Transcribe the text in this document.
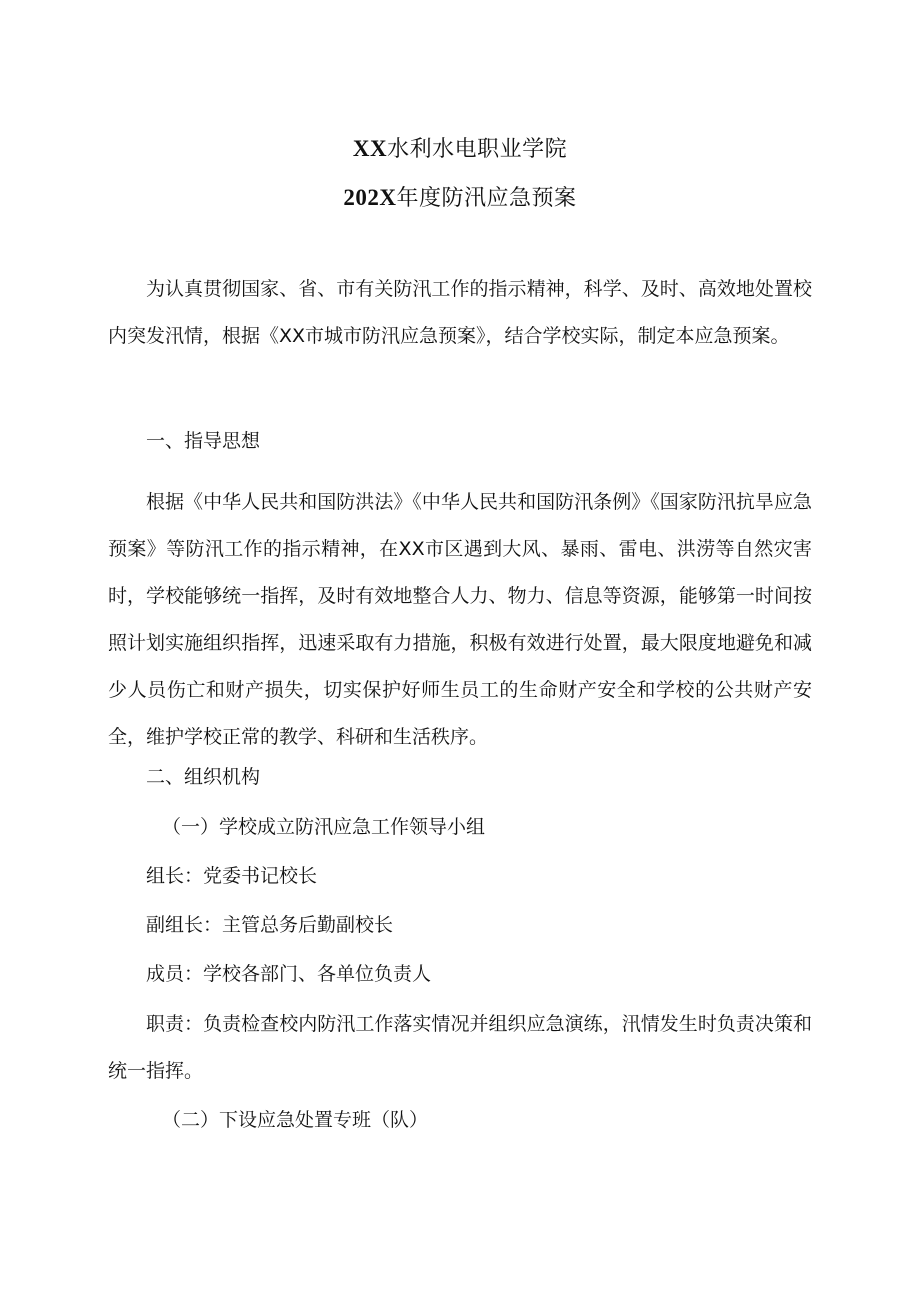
XX水利水电职业学院
202X年度防汛应急预案

为认真贯彻国家、省、市有关防汛工作的指示精神，科学、及时、高效地处置校内突发汛情，根据《XX市城市防汛应急预案》，结合学校实际，制定本应急预案。

一、指导思想

根据《中华人民共和国防洪法》《中华人民共和国防汛条例》《国家防汛抗旱应急预案》等防汛工作的指示精神，在XX市区遇到大风、暴雨、雷电、洪涝等自然灾害时，学校能够统一指挥，及时有效地整合人力、物力、信息等资源，能够第一时间按照计划实施组织指挥，迅速采取有力措施，积极有效进行处置，最大限度地避免和减少人员伤亡和财产损失，切实保护好师生员工的生命财产安全和学校的公共财产安全，维护学校正常的教学、科研和生活秩序。

二、组织机构
（一）学校成立防汛应急工作领导小组
组长：党委书记校长
副组长：主管总务后勤副校长
成员：学校各部门、各单位负责人

职责：负责检查校内防汛工作落实情况并组织应急演练，汛情发生时负责决策和统一指挥。

（二）下设应急处置专班（队）
